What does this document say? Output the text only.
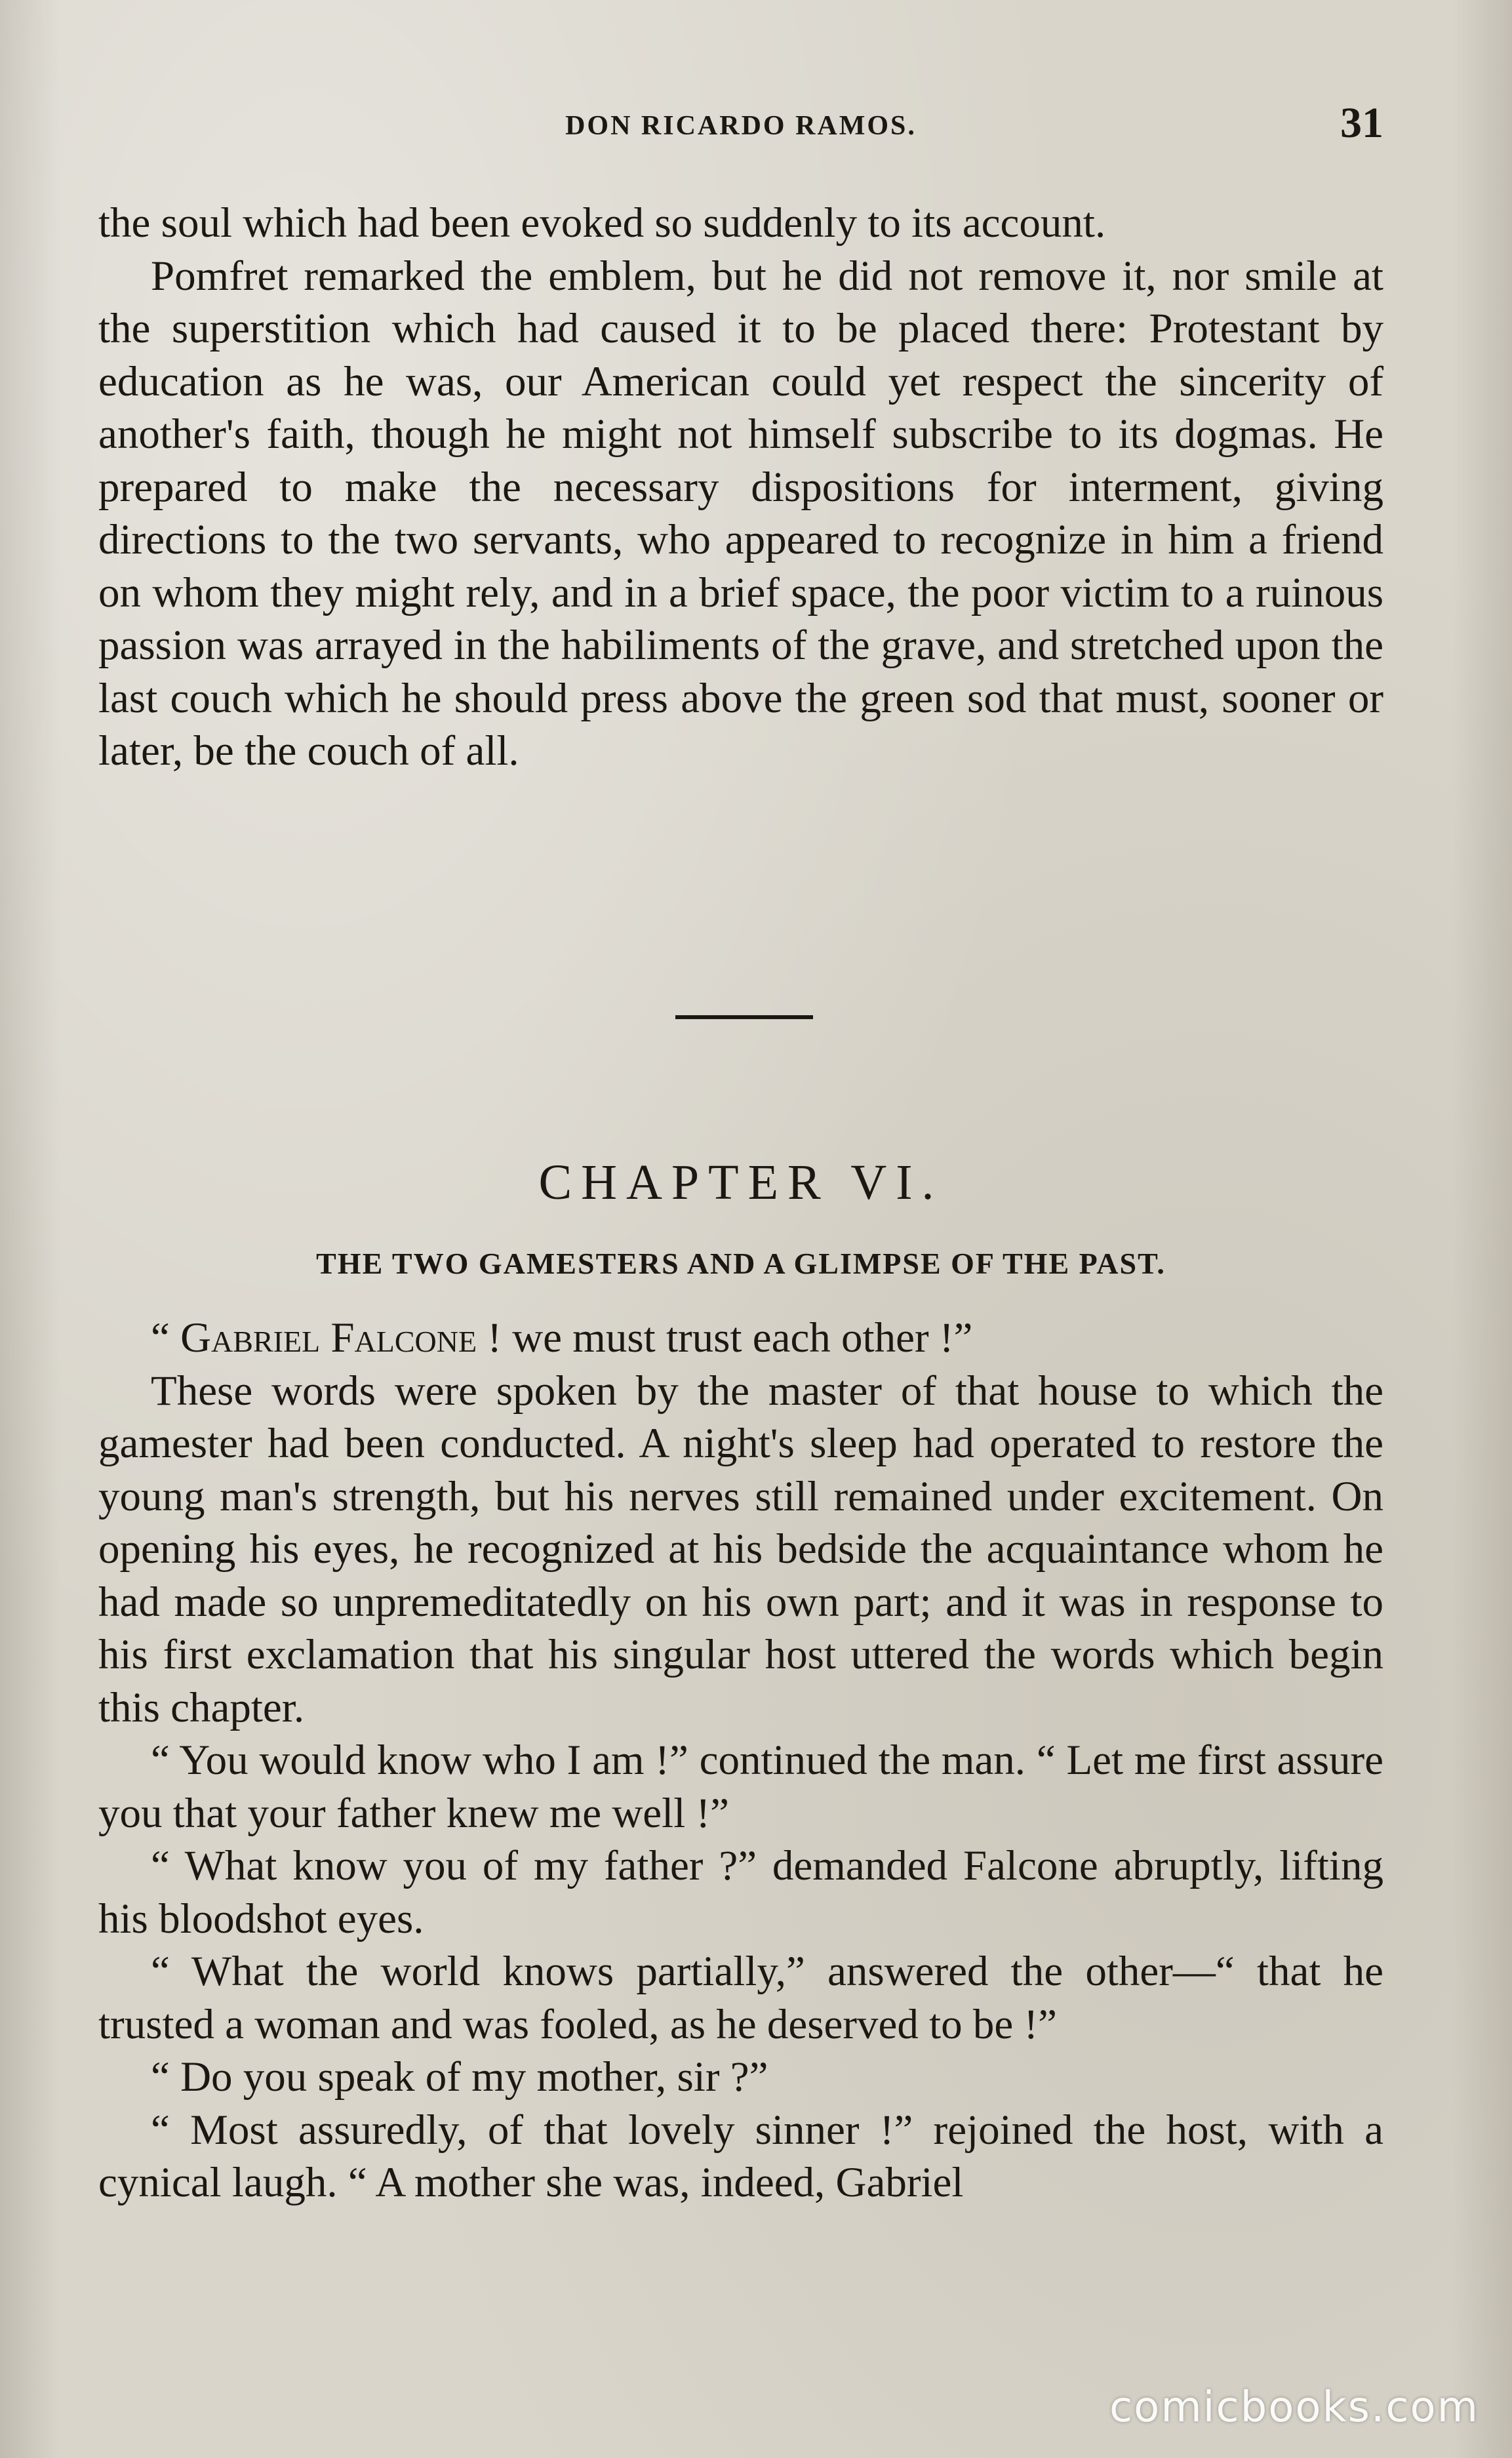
DON RICARDO RAMOS.	31

the soul which had been evoked so suddenly to its account.

Pomfret remarked the emblem, but he did not remove it, nor smile at the superstition which had caused it to be placed there: Protestant by education as he was, our American could yet respect the sincerity of another's faith, though he might not himself subscribe to its dogmas. He prepared to make the necessary dispositions for interment, giving directions to the two servants, who appeared to recognize in him a friend on whom they might rely, and in a brief space, the poor victim to a ruinous passion was arrayed in the habiliments of the grave, and stretched upon the last couch which he should press above the green sod that must, sooner or later, be the couch of all.

CHAPTER VI.
THE TWO GAMESTERS AND A GLIMPSE OF THE PAST.

“ Gabriel Falcone ! we must trust each other !”

These words were spoken by the master of that house to which the gamester had been conducted. A night's sleep had operated to restore the young man's strength, but his nerves still remained under excitement. On opening his eyes, he recognized at his bedside the acquaintance whom he had made so unpremeditatedly on his own part; and it was in response to his first exclamation that his singular host uttered the words which begin this chapter.

“ You would know who I am !” continued the man. “ Let me first assure you that your father knew me well !”

“ What know you of my father ?” demanded Falcone abruptly, lifting his bloodshot eyes.

“ What the world knows partially,” answered the other—“ that he trusted a woman and was fooled, as he deserved to be !”

“ Do you speak of my mother, sir ?”

“ Most assuredly, of that lovely sinner !” rejoined the host, with a cynical laugh. “ A mother she was, indeed, Gabriel

comicbooks.com
